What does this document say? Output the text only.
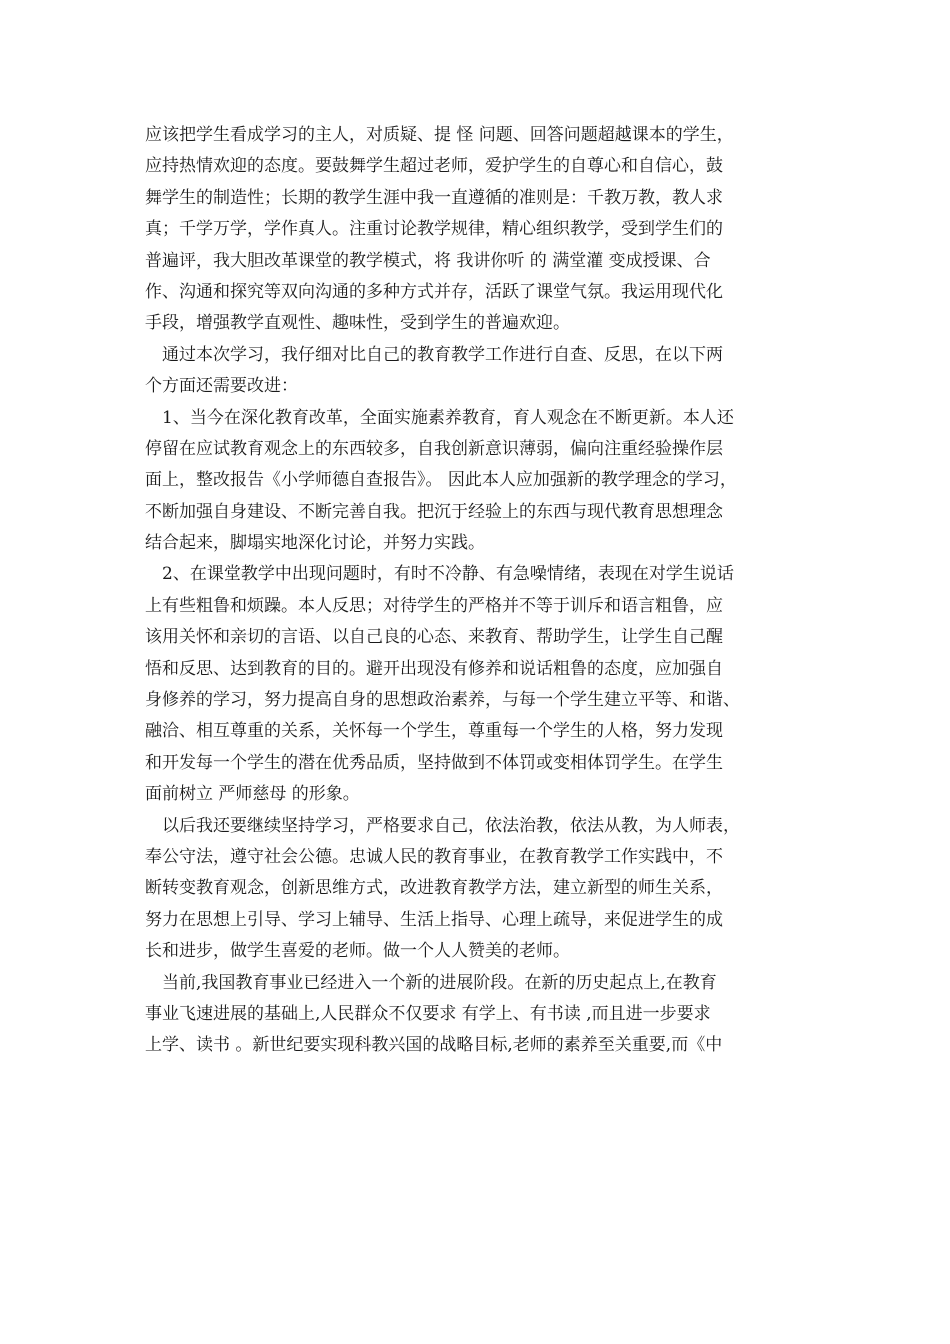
应该把学生看成学习的主人，对质疑、提 怪 问题、回答问题超越课本的学生，
应持热情欢迎的态度。要鼓舞学生超过老师，爱护学生的自尊心和自信心，鼓
舞学生的制造性；长期的教学生涯中我一直遵循的准则是：千教万教，教人求
真；千学万学，学作真人。注重讨论教学规律，精心组织教学，受到学生们的
普遍评，我大胆改革课堂的教学模式，将 我讲你听 的 满堂灌 变成授课、合
作、沟通和探究等双向沟通的多种方式并存，活跃了课堂气氛。我运用现代化
手段，增强教学直观性、趣味性，受到学生的普遍欢迎。
　通过本次学习，我仔细对比自己的教育教学工作进行自查、反思，在以下两
个方面还需要改进：
　1、当今在深化教育改革，全面实施素养教育，育人观念在不断更新。本人还
停留在应试教育观念上的东西较多，自我创新意识薄弱，偏向注重经验操作层
面上，整改报告《小学师德自查报告》。 因此本人应加强新的教学理念的学习，
不断加强自身建设、不断完善自我。把沉于经验上的东西与现代教育思想理念
结合起来，脚塌实地深化讨论，并努力实践。
　2、在课堂教学中出现问题时，有时不冷静、有急噪情绪，表现在对学生说话
上有些粗鲁和烦躁。本人反思；对待学生的严格并不等于训斥和语言粗鲁，应
该用关怀和亲切的言语、以自己良的心态、来教育、帮助学生，让学生自己醒
悟和反思、达到教育的目的。避开出现没有修养和说话粗鲁的态度，应加强自
身修养的学习，努力提高自身的思想政治素养，与每一个学生建立平等、和谐、
融洽、相互尊重的关系，关怀每一个学生，尊重每一个学生的人格，努力发现
和开发每一个学生的潜在优秀品质，坚持做到不体罚或变相体罚学生。在学生
面前树立 严师慈母 的形象。
　以后我还要继续坚持学习，严格要求自己，依法治教，依法从教，为人师表，
奉公守法，遵守社会公德。忠诚人民的教育事业，在教育教学工作实践中，不
断转变教育观念，创新思维方式，改进教育教学方法，建立新型的师生关系，
努力在思想上引导、学习上辅导、生活上指导、心理上疏导，来促进学生的成
长和进步，做学生喜爱的老师。做一个人人赞美的老师。
　当前,我国教育事业已经进入一个新的进展阶段。在新的历史起点上,在教育
事业飞速进展的基础上,人民群众不仅要求 有学上、有书读 ,而且进一步要求
上学、读书 。新世纪要实现科教兴国的战略目标,老师的素养至关重要,而《中
